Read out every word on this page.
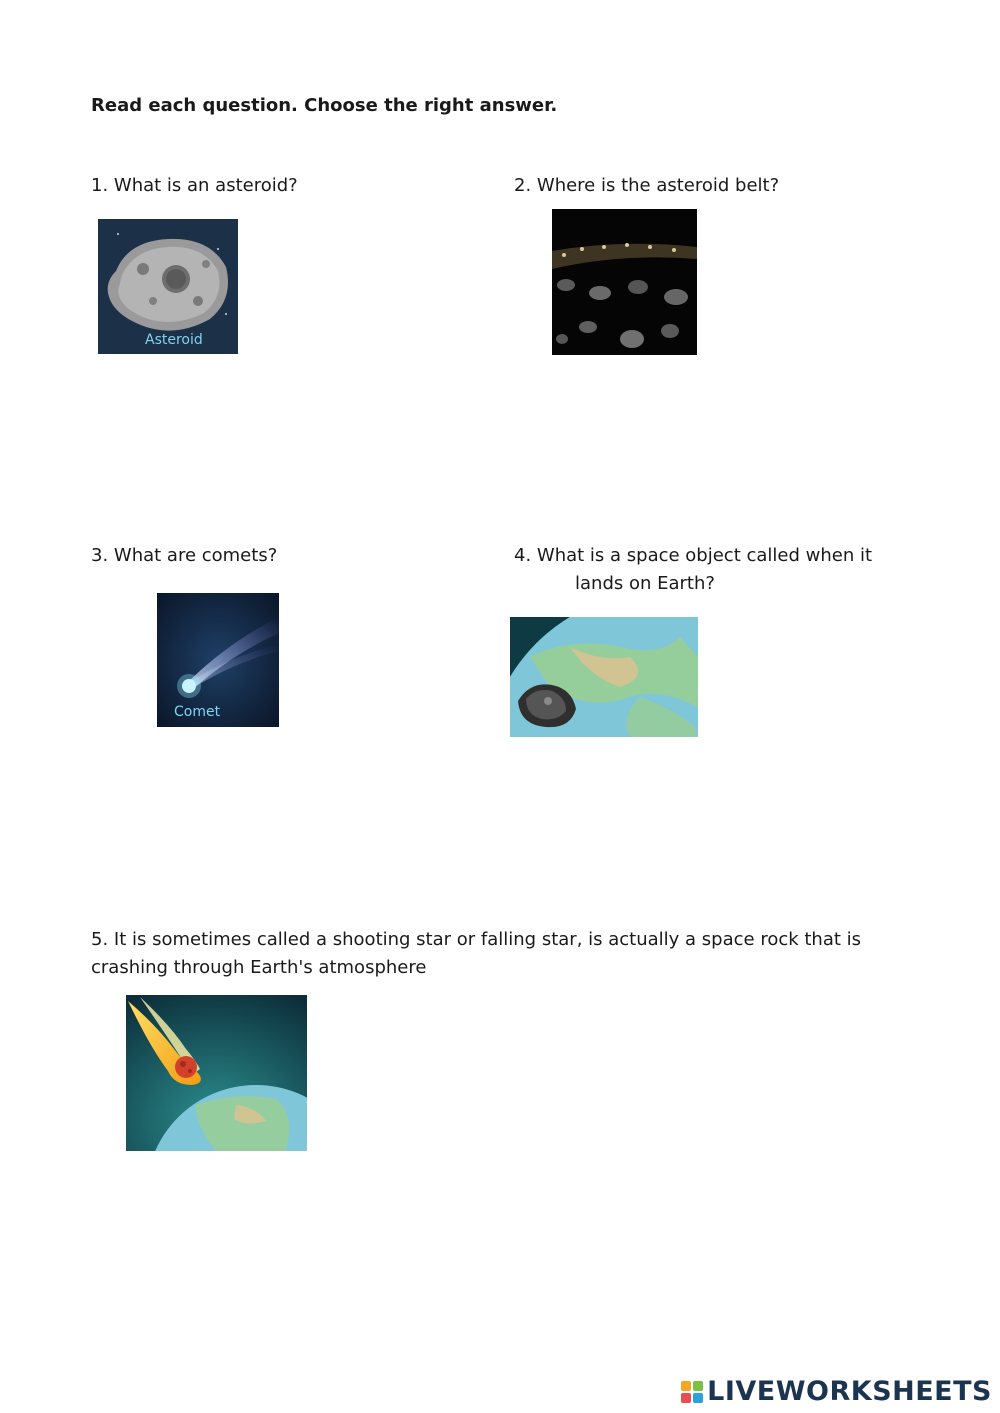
Read each question. Choose the right answer.
1. What is an asteroid?
Asteroid
2. Where is the asteroid belt?
3. What are comets?
Comet
4. What is a space object called when it
lands on Earth?
5. It is sometimes called a shooting star or falling star, is actually a space rock that is
crashing through Earth's atmosphere
LIVEWORKSHEETS
